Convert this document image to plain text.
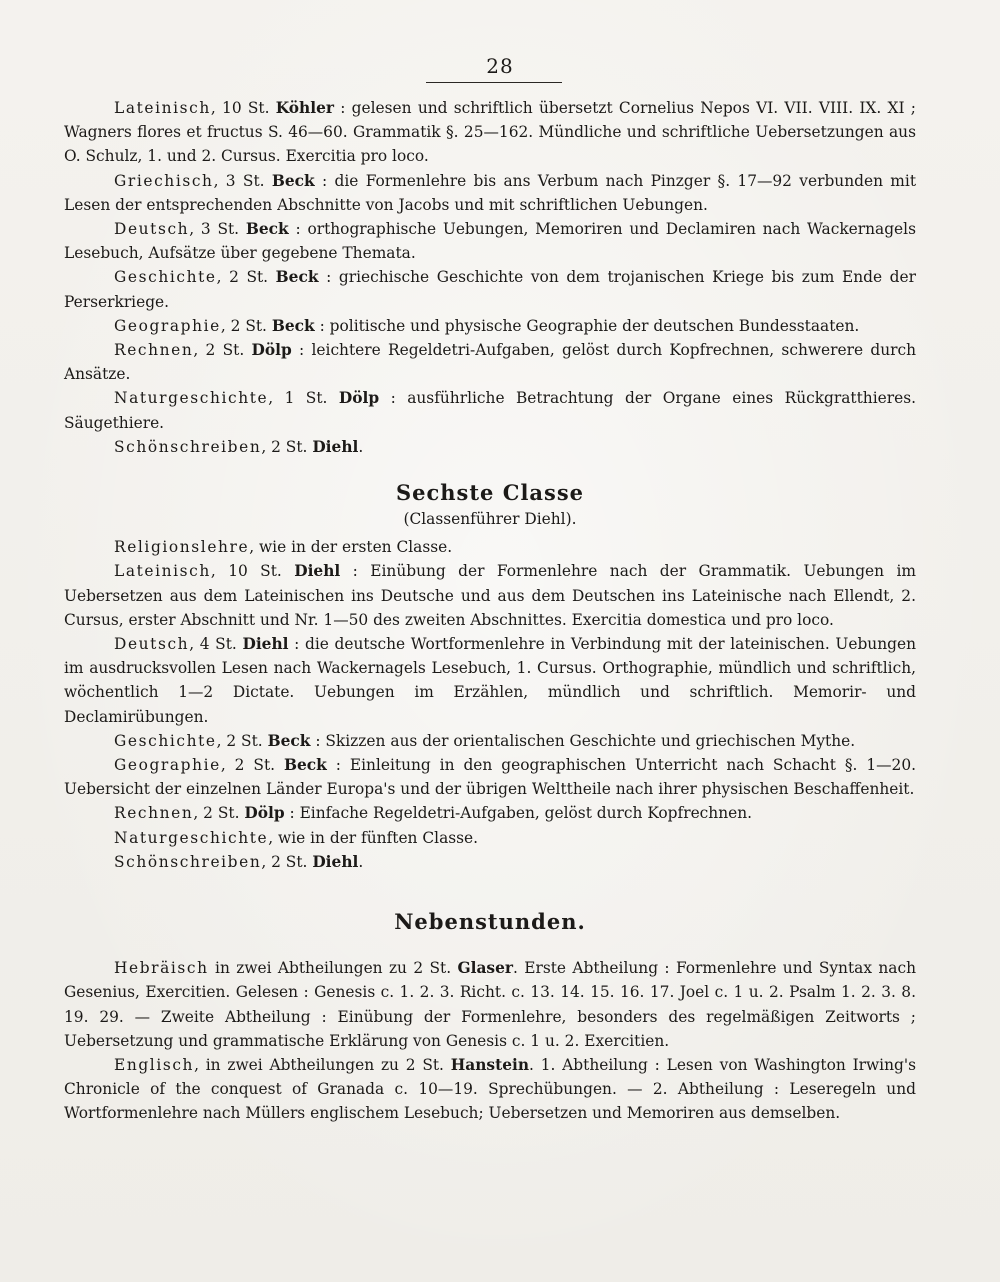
28

Lateinisch, 10 St. Köhler : gelesen und schriftlich übersetzt Cornelius Nepos VI. VII. VIII. IX. XI ; Wagners flores et fructus S. 46—60. Grammatik §. 25—162. Mündliche und schriftliche Uebersetzungen aus O. Schulz, 1. und 2. Cursus. Exercitia pro loco.

Griechisch, 3 St. Beck : die Formenlehre bis ans Verbum nach Pinzger §. 17—92 verbunden mit Lesen der entsprechenden Abschnitte von Jacobs und mit schriftlichen Uebungen.

Deutsch, 3 St. Beck : orthographische Uebungen, Memoriren und Declamiren nach Wackernagels Lesebuch, Aufsätze über gegebene Themata.

Geschichte, 2 St. Beck : griechische Geschichte von dem trojanischen Kriege bis zum Ende der Perserkriege.

Geographie, 2 St. Beck : politische und physische Geographie der deutschen Bundesstaaten.

Rechnen, 2 St. Dölp : leichtere Regeldetri-Aufgaben, gelöst durch Kopfrechnen, schwerere durch Ansätze.

Naturgeschichte, 1 St. Dölp : ausführliche Betrachtung der Organe eines Rückgratthieres. Säugethiere.

Schönschreiben, 2 St. Diehl.

Sechste Classe
(Classenführer Diehl).

Religionslehre, wie in der ersten Classe.

Lateinisch, 10 St. Diehl : Einübung der Formenlehre nach der Grammatik. Uebungen im Uebersetzen aus dem Lateinischen ins Deutsche und aus dem Deutschen ins Lateinische nach Ellendt, 2. Cursus, erster Abschnitt und Nr. 1—50 des zweiten Abschnittes. Exercitia domestica und pro loco.

Deutsch, 4 St. Diehl : die deutsche Wortformenlehre in Verbindung mit der lateinischen. Uebungen im ausdrucksvollen Lesen nach Wackernagels Lesebuch, 1. Cursus. Orthographie, mündlich und schriftlich, wöchentlich 1—2 Dictate. Uebungen im Erzählen, mündlich und schriftlich. Memorir- und Declamirübungen.

Geschichte, 2 St. Beck : Skizzen aus der orientalischen Geschichte und griechischen Mythe.

Geographie, 2 St. Beck : Einleitung in den geographischen Unterricht nach Schacht §. 1—20. Uebersicht der einzelnen Länder Europa's und der übrigen Welttheile nach ihrer physischen Beschaffenheit.

Rechnen, 2 St. Dölp : Einfache Regeldetri-Aufgaben, gelöst durch Kopfrechnen.

Naturgeschichte, wie in der fünften Classe.

Schönschreiben, 2 St. Diehl.

Nebenstunden.

Hebräisch in zwei Abtheilungen zu 2 St. Glaser. Erste Abtheilung : Formenlehre und Syntax nach Gesenius, Exercitien. Gelesen : Genesis c. 1. 2. 3. Richt. c. 13. 14. 15. 16. 17. Joel c. 1 u. 2. Psalm 1. 2. 3. 8. 19. 29. — Zweite Abtheilung : Einübung der Formenlehre, besonders des regelmäßigen Zeitworts ; Uebersetzung und grammatische Erklärung von Genesis c. 1 u. 2. Exercitien.

Englisch, in zwei Abtheilungen zu 2 St. Hanstein. 1. Abtheilung : Lesen von Washington Irwing's Chronicle of the conquest of Granada c. 10—19. Sprechübungen. — 2. Abtheilung : Leseregeln und Wortformenlehre nach Müllers englischem Lesebuch; Uebersetzen und Memoriren aus demselben.
